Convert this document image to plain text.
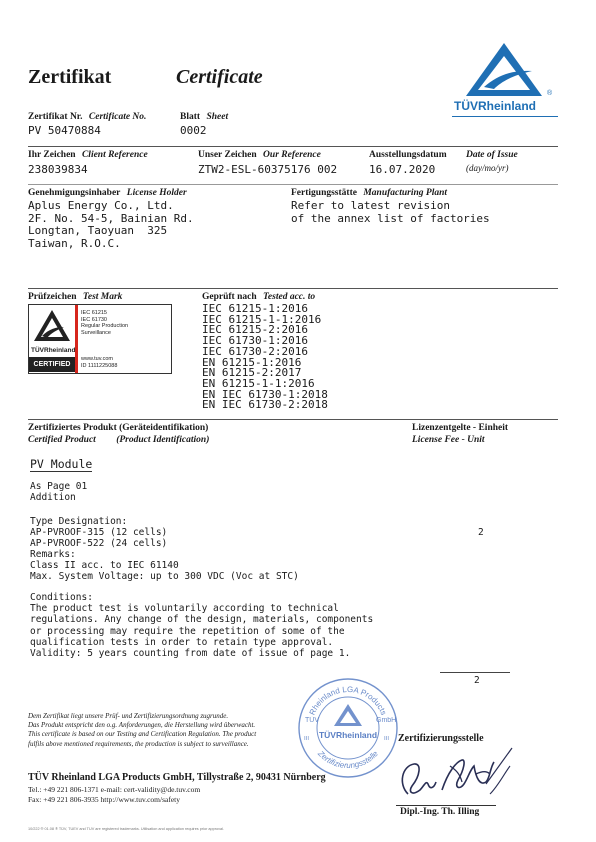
Zertifikat	Certificate
®
TÜVRheinland
Zertifikat Nr. Certificate No.
PV 50470884
Blatt Sheet
0002
Ihr Zeichen Client Reference
238039834
Unser Zeichen Our Reference
ZTW2-ESL-60375176 002
Ausstellungsdatum Date of Issue
16.07.2020	(day/mo/yr)
Genehmigungsinhaber License Holder
Aplus Energy Co., Ltd.
2F. No. 54-5, Bainian Rd.
Longtan, Taoyuan  325
Taiwan, R.O.C.
Fertigungsstätte Manufacturing Plant
Refer to latest revision
of the annex list of factories
Prüfzeichen Test Mark
TÜVRheinland
CERTIFIED
IEC 61215
IEC 61730
Regular Production
Surveillance
www.tuv.com
ID 1111225088
Geprüft nach Tested acc. to
IEC 61215-1:2016
IEC 61215-1-1:2016
IEC 61215-2:2016
IEC 61730-1:2016
IEC 61730-2:2016
EN 61215-1:2016
EN 61215-2:2017
EN 61215-1-1:2016
EN IEC 61730-1:2018
EN IEC 61730-2:2018
Zertifiziertes Produkt (Geräteidentifikation)
Certified Product (Product Identification)
Lizenzentgelte - Einheit
License Fee - Unit
PV Module
As Page 01
Addition
Type Designation:
AP-PVROOF-315 (12 cells)
AP-PVROOF-522 (24 cells)
Remarks:
Class II acc. to IEC 61140
Max. System Voltage: up to 300 VDC (Voc at STC)
2
Conditions:
The product test is voluntarily according to technical
regulations. Any change of the design, materials, components
or processing may require the repetition of some of the
qualification tests in order to retain type approval.
Validity: 5 years counting from date of issue of page 1.
2
Rheinland LGA Products
Zertifizierungsstelle
TÜV	GmbH
III	III
TÜVRheinland
Dem Zertifikat liegt unsere Prüf- und Zertifizierungsordnung zugrunde.
Das Produkt entspricht den o.g. Anforderungen, die Herstellung wird überwacht.
This certificate is based on our Testing and Certification Regulation. The product
fulfils above mentioned requirements, the production is subject to surveillance.	Zertifizierungsstelle
TÜV Rheinland LGA Products GmbH, Tillystraße 2, 90431 Nürnberg
Tel.: +49 221 806-1371 e-mail: cert-validity@de.tuv.com
Fax: +49 221 806-3935 http://www.tuv.com/safety
Dipl.-Ing. Th. Illing
10/222 ® 01.08 ® TÜV, TUEV and TUV are registered trademarks. Utilisation and application requires prior approval.
